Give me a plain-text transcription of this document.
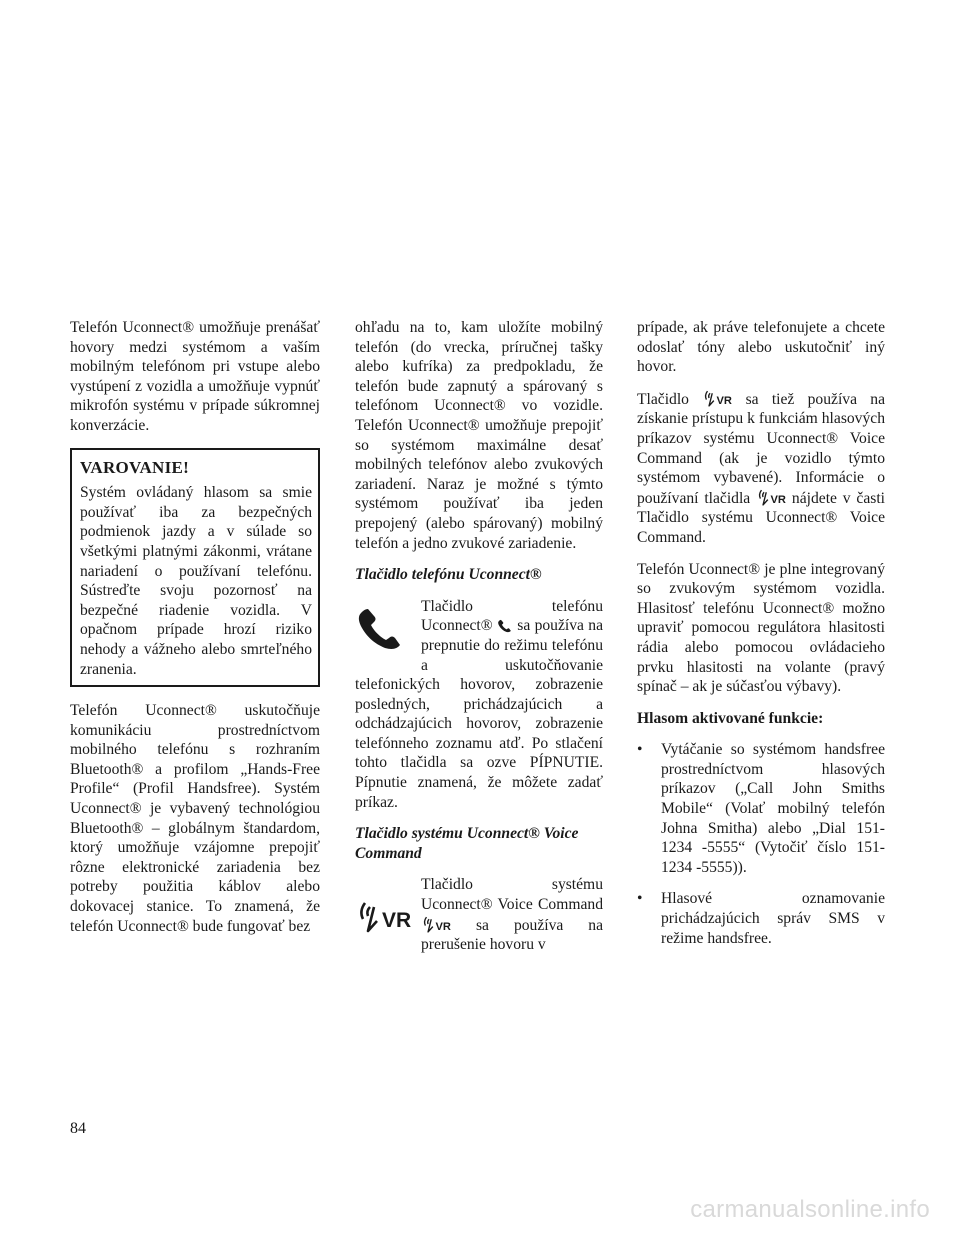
Telefón Uconnect® umožňuje prenášať hovory medzi systémom a vaším mobilným telefónom pri vstupe alebo vystúpení z vozidla a umožňuje vypnúť mikrofón systému v prípade súkromnej konverzácie.

VAROVANIE!

Systém ovládaný hlasom sa smie používať iba za bezpečných podmienok jazdy a v súlade so všetkými platnými zákonmi, vrátane nariadení o používaní telefónu. Sústreďte svoju pozornosť na bezpečné riadenie vozidla. V opačnom prípade hrozí riziko nehody a vážneho alebo smrteľného zranenia.

Telefón Uconnect® uskutočňuje komunikáciu prostredníctvom mobilného telefónu s rozhraním Bluetooth® a profilom „Hands-Free Profile“ (Profil Handsfree). Systém Uconnect® je vybavený technológiou Bluetooth® – globálnym štandardom, ktorý umožňuje vzájomne prepojiť rôzne elektronické zariadenia bez potreby použitia káblov alebo dokovacej stanice. To znamená, že telefón Uconnect® bude fungovať bez

ohľadu na to, kam uložíte mobilný telefón (do vrecka, príručnej tašky alebo kufríka) za predpokladu, že telefón bude zapnutý a spárovaný s telefónom Uconnect® vo vozidle. Telefón Uconnect® umožňuje prepojiť so systémom maximálne desať mobilných telefónov alebo zvukových zariadení. Naraz je možné s týmto systémom používať iba jeden prepojený (alebo spárovaný) mobilný telefón a jedno zvukové zariadenie.

Tlačidlo telefónu Uconnect®

Tlačidlo telefónu Uconnect® sa používa na prepnutie do režimu telefónu a uskutočňovanie telefonických hovorov, zobrazenie posledných, prichádzajúcich a odchádzajúcich hovorov, zobrazenie telefónneho zoznamu atď. Po stlačení tohto tlačidla sa ozve PÍPNUTIE. Pípnutie znamená, že môžete zadať príkaz.

Tlačidlo systému Uconnect® Voice Command

VR

Tlačidlo systému Uconnect® Voice Command
VR sa používa na prerušenie hovoru v

prípade, ak práve telefonujete a chcete odoslať tóny alebo uskutočniť iný hovor.

Tlačidlo VR sa tiež používa na získanie prístupu k funkciám hlasových príkazov systému Uconnect® Voice Command (ak je vozidlo týmto systémom vybavené). Informácie o používaní tlačidla VR nájdete v časti Tlačidlo systému Uconnect® Voice Command.

Telefón Uconnect® je plne integrovaný so zvukovým systémom vozidla. Hlasitosť telefónu Uconnect® možno upraviť pomocou regulátora hlasitosti rádia alebo pomocou ovládacieho prvku hlasitosti na volante (pravý spínač – ak je súčasťou výbavy).

Hlasom aktivované funkcie:

• Vytáčanie so systémom handsfree prostredníctvom hlasových príkazov („Call John Smiths Mobile“ (Volať mobilný telefón Johna Smitha) alebo „Dial 151-1234 -5555“ (Vytočiť číslo 151-1234 -5555)).
• Hlasové oznamovanie prichádzajúcich správ SMS v režime handsfree.
84
carmanualsonline.info
